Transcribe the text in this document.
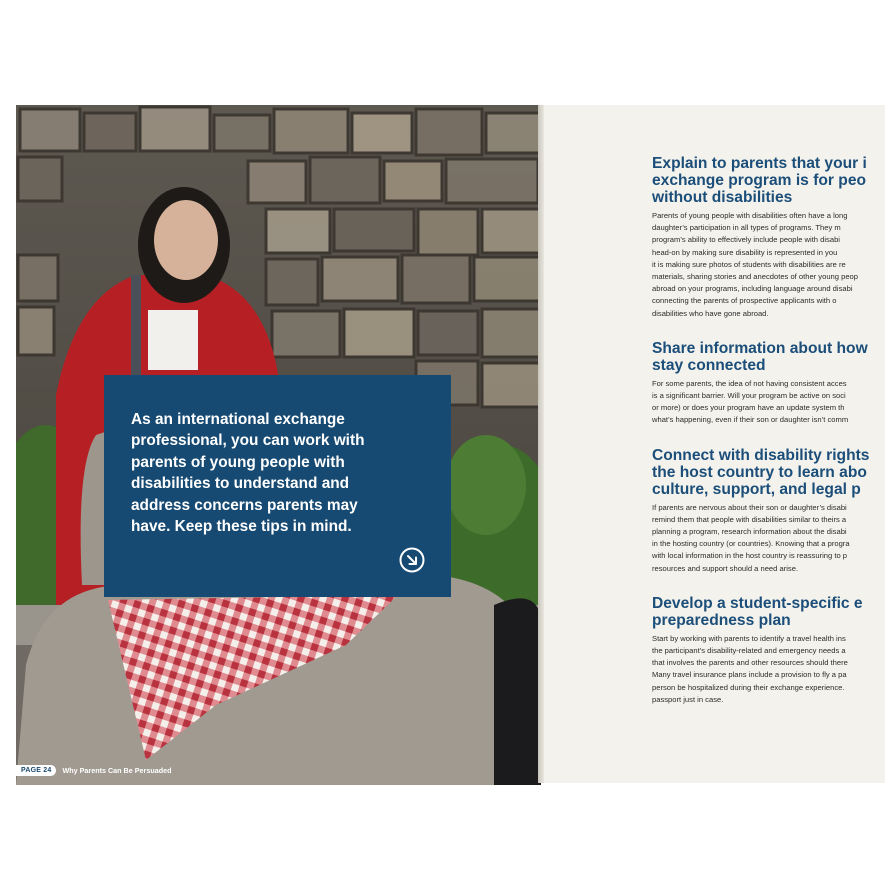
As an international exchange
professional, you can work with
parents of young people with
disabilities to understand and
address concerns parents may
have. Keep these tips in mind.
PAGE 24	Why Parents Can Be Persuaded
Explain to parents that your i
exchange program is for peo
without disabilities

Parents of young people with disabilities often have a long
daughter’s participation in all types of programs. They m
program’s ability to effectively include people with disabi
head-on by making sure disability is represented in you
it is making sure photos of students with disabilities are re
materials, sharing stories and anecdotes of other young peop
abroad on your programs, including language around disabi
connecting the parents of prospective applicants with o
disabilities who have gone abroad.

Share information about how
stay connected

For some parents, the idea of not having consistent acces
is a significant barrier. Will your program be active on soci
or more) or does your program have an update system th
what’s happening, even if their son or daughter isn’t comm

Connect with disability rights
the host country to learn abo
culture, support, and legal p

If parents are nervous about their son or daughter’s disabi
remind them that people with disabilities similar to theirs a
planning a program, research information about the disabi
in the hosting country (or countries). Knowing that a progra
with local information in the host country is reassuring to p
resources and support should a need arise.

Develop a student-specific e
preparedness plan

Start by working with parents to identify a travel health ins
the participant’s disability-related and emergency needs a
that involves the parents and other resources should there
Many travel insurance plans include a provision to fly a pa
person be hospitalized during their exchange experience.
passport just in case.
